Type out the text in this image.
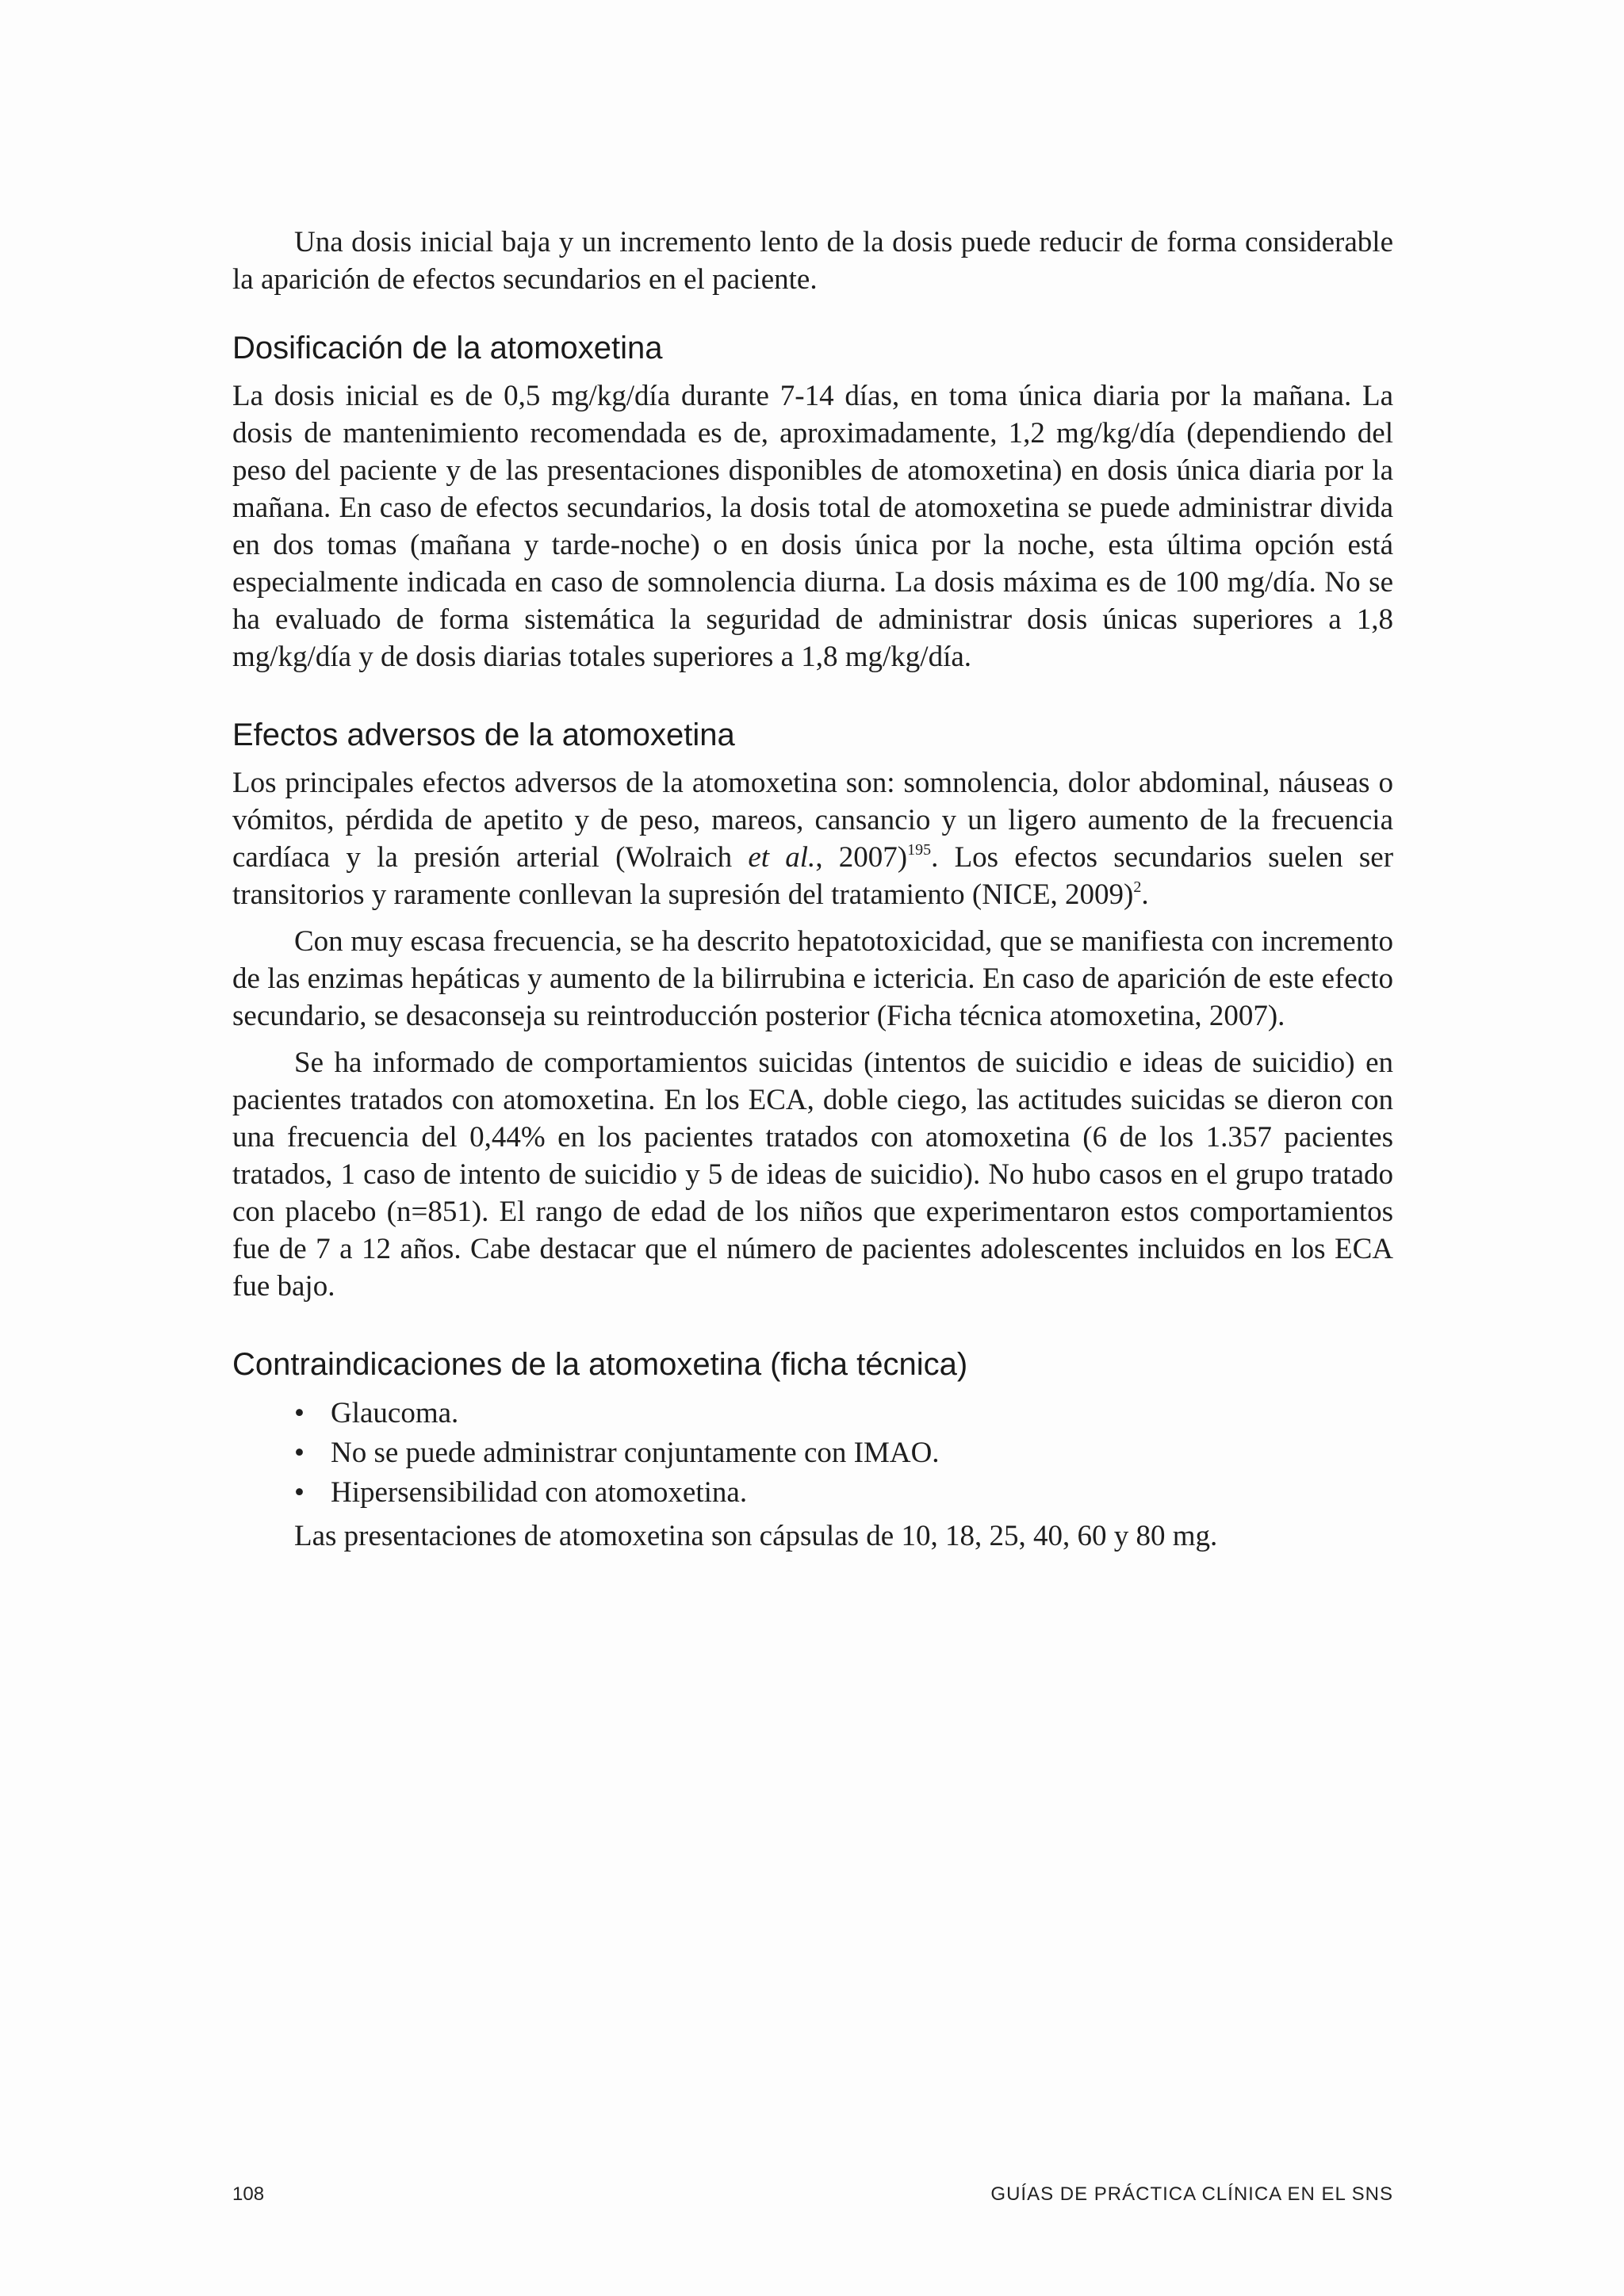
Una dosis inicial baja y un incremento lento de la dosis puede reducir de forma considerable la aparición de efectos secundarios en el paciente.

Dosificación de la atomoxetina

La dosis inicial es de 0,5 mg/kg/día durante 7-14 días, en toma única diaria por la mañana. La dosis de mantenimiento recomendada es de, aproximadamente, 1,2 mg/kg/día (dependiendo del peso del paciente y de las presentaciones disponibles de atomoxetina) en dosis única diaria por la mañana. En caso de efectos secundarios, la dosis total de atomoxetina se puede administrar divida en dos tomas (mañana y tarde-noche) o en dosis única por la noche, esta última opción está especialmente indicada en caso de somnolencia diurna. La dosis máxima es de 100 mg/día. No se ha evaluado de forma sistemática la seguridad de administrar dosis únicas superiores a 1,8 mg/kg/día y de dosis diarias totales superiores a 1,8 mg/kg/día.

Efectos adversos de la atomoxetina

Los principales efectos adversos de la atomoxetina son: somnolencia, dolor abdominal, náuseas o vómitos, pérdida de apetito y de peso, mareos, cansancio y un ligero aumento de la frecuencia cardíaca y la presión arterial (Wolraich et al., 2007)$^{195}$. Los efectos secundarios suelen ser transitorios y raramente conllevan la supresión del tratamiento (NICE, 2009)$^2$.

Con muy escasa frecuencia, se ha descrito hepatotoxicidad, que se manifiesta con incremento de las enzimas hepáticas y aumento de la bilirrubina e ictericia. En caso de aparición de este efecto secundario, se desaconseja su reintroducción posterior (Ficha técnica atomoxetina, 2007).

Se ha informado de comportamientos suicidas (intentos de suicidio e ideas de suicidio) en pacientes tratados con atomoxetina. En los ECA, doble ciego, las actitudes suicidas se dieron con una frecuencia del 0,44% en los pacientes tratados con atomoxetina (6 de los 1.357 pacientes tratados, 1 caso de intento de suicidio y 5 de ideas de suicidio). No hubo casos en el grupo tratado con placebo (n=851). El rango de edad de los niños que experimentaron estos comportamientos fue de 7 a 12 años. Cabe destacar que el número de pacientes adolescentes incluidos en los ECA fue bajo.

Contraindicaciones de la atomoxetina (ficha técnica)
• Glaucoma.
• No se puede administrar conjuntamente con IMAO.
• Hipersensibilidad con atomoxetina.

Las presentaciones de atomoxetina son cápsulas de 10, 18, 25, 40, 60 y 80 mg.

108	GUÍAS DE PRÁCTICA CLÍNICA EN EL SNS
